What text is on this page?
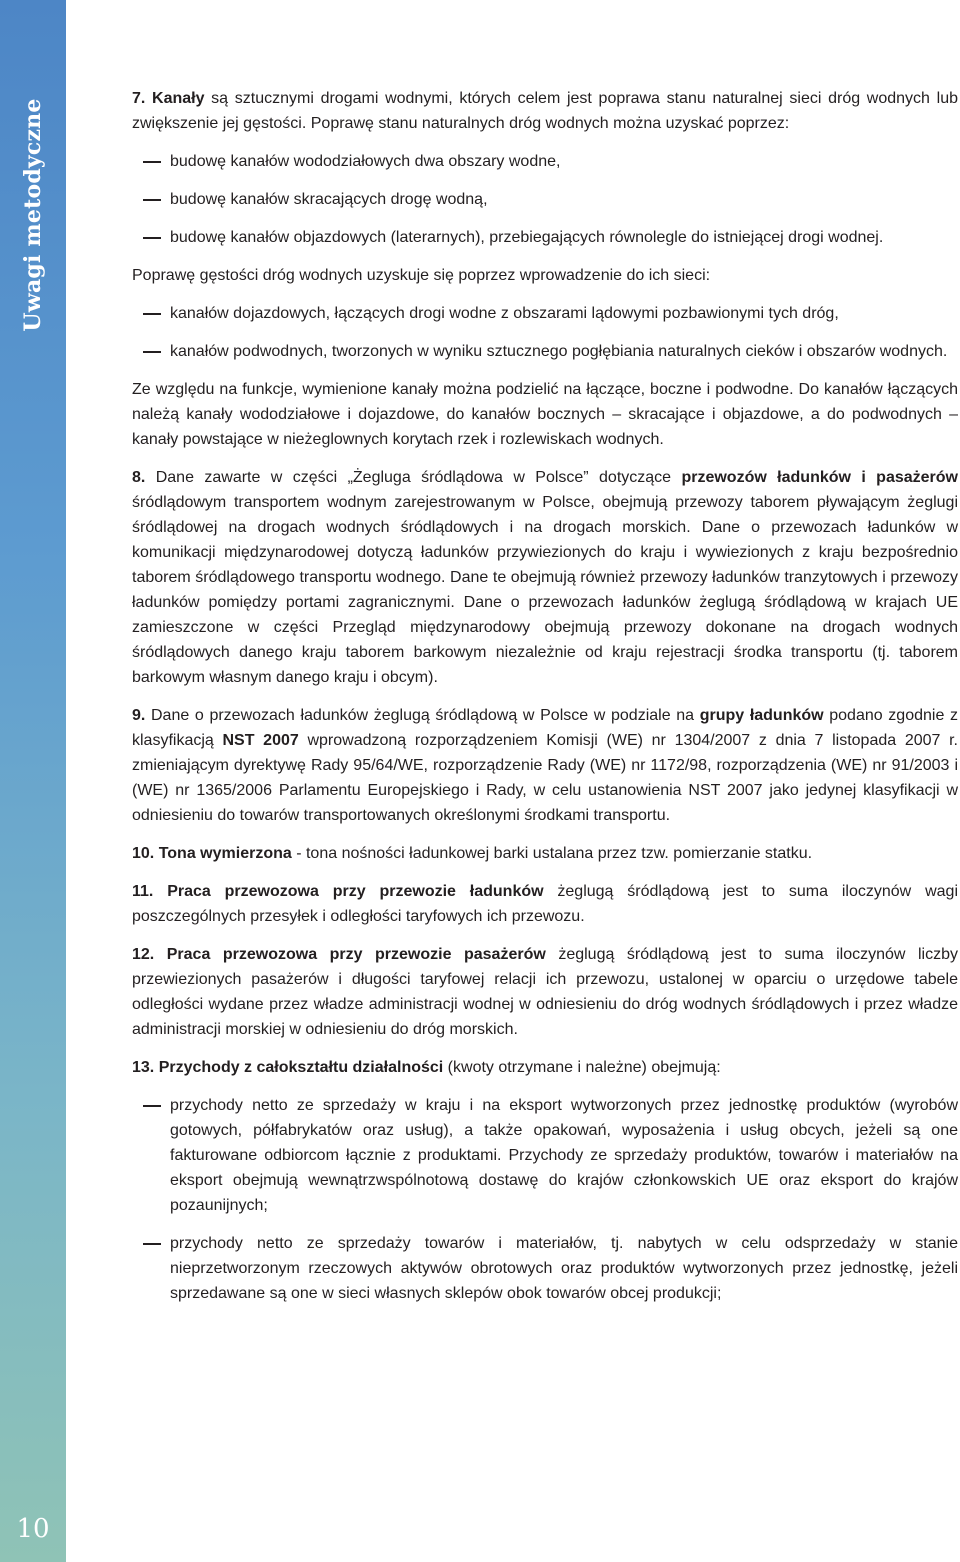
Uwagi metodyczne
10

7. Kanały są sztucznymi drogami wodnymi, których celem jest poprawa stanu naturalnej sieci dróg wodnych lub zwiększenie jej gęstości. Poprawę stanu naturalnych dróg wodnych można uzyskać poprzez:

budowę kanałów wododziałowych dwa obszary wodne,
budowę kanałów skracających drogę wodną,
budowę kanałów objazdowych (laterarnych), przebiegających równolegle do istniejącej drogi wodnej.

Poprawę gęstości dróg wodnych uzyskuje się poprzez wprowadzenie do ich sieci:

kanałów dojazdowych, łączących drogi wodne z obszarami lądowymi pozbawionymi tych dróg,
kanałów podwodnych, tworzonych w wyniku sztucznego pogłębiania naturalnych cieków i obszarów wodnych.

Ze względu na funkcje, wymienione kanały można podzielić na łączące, boczne i podwodne. Do kanałów łączących należą kanały wododziałowe i dojazdowe, do kanałów bocznych – skracające i objazdowe, a do podwodnych – kanały powstające w nieżeglownych korytach rzek i rozlewiskach wodnych.

8. Dane zawarte w części „Żegluga śródlądowa w Polsce” dotyczące przewozów ładunków i pasażerów śródlądowym transportem wodnym zarejestrowanym w Polsce, obejmują przewozy taborem pływającym żeglugi śródlądowej na drogach wodnych śródlądowych i na drogach morskich. Dane o przewozach ładunków w komunikacji międzynarodowej dotyczą ładunków przywiezionych do kraju i wywiezionych z kraju bezpośrednio taborem śródlądowego transportu wodnego. Dane te obejmują również przewozy ładunków tranzytowych i przewozy ładunków pomiędzy portami zagranicznymi. Dane o przewozach ładunków żeglugą śródlądową w krajach UE zamieszczone w części Przegląd międzynarodowy obejmują przewozy dokonane na drogach wodnych śródlądowych danego kraju taborem barkowym niezależnie od kraju rejestracji środka transportu (tj. taborem barkowym własnym danego kraju i obcym).

9. Dane o przewozach ładunków żeglugą śródlądową w Polsce w podziale na grupy ładunków podano zgodnie z klasyfikacją NST 2007 wprowadzoną rozporządzeniem Komisji (WE) nr 1304/2007 z dnia 7 listopada 2007 r. zmieniającym dyrektywę Rady 95/64/WE, rozporządzenie Rady (WE) nr 1172/98, rozporządzenia (WE) nr 91/2003 i (WE) nr 1365/2006 Parlamentu Europejskiego i Rady, w celu ustanowienia NST 2007 jako jedynej klasyfikacji w odniesieniu do towarów transportowanych określonymi środkami transportu.

10. Tona wymierzona - tona nośności ładunkowej barki ustalana przez tzw. pomierzanie statku.

11. Praca przewozowa przy przewozie ładunków żeglugą śródlądową jest to suma iloczynów wagi poszczególnych przesyłek i odległości taryfowych ich przewozu.

12. Praca przewozowa przy przewozie pasażerów żeglugą śródlądową jest to suma iloczynów liczby przewiezionych pasażerów i długości taryfowej relacji ich przewozu, ustalonej w oparciu o urzędowe tabele odległości wydane przez władze administracji wodnej w odniesieniu do dróg wodnych śródlądowych i przez władze administracji morskiej w odniesieniu do dróg morskich.

13. Przychody z całokształtu działalności (kwoty otrzymane i należne) obejmują:

przychody netto ze sprzedaży w kraju i na eksport wytworzonych przez jednostkę produktów (wyrobów gotowych, półfabrykatów oraz usług), a także opakowań, wyposażenia i usług obcych, jeżeli są one fakturowane odbiorcom łącznie z produktami. Przychody ze sprzedaży produktów, towarów i materiałów na eksport obejmują wewnątrzwspólnotową dostawę do krajów członkowskich UE oraz eksport do krajów pozaunijnych;
przychody netto ze sprzedaży towarów i materiałów, tj. nabytych w celu odsprzedaży w stanie nieprzetworzonym rzeczowych aktywów obrotowych oraz produktów wytworzonych przez jednostkę, jeżeli sprzedawane są one w sieci własnych sklepów obok towarów obcej produkcji;
